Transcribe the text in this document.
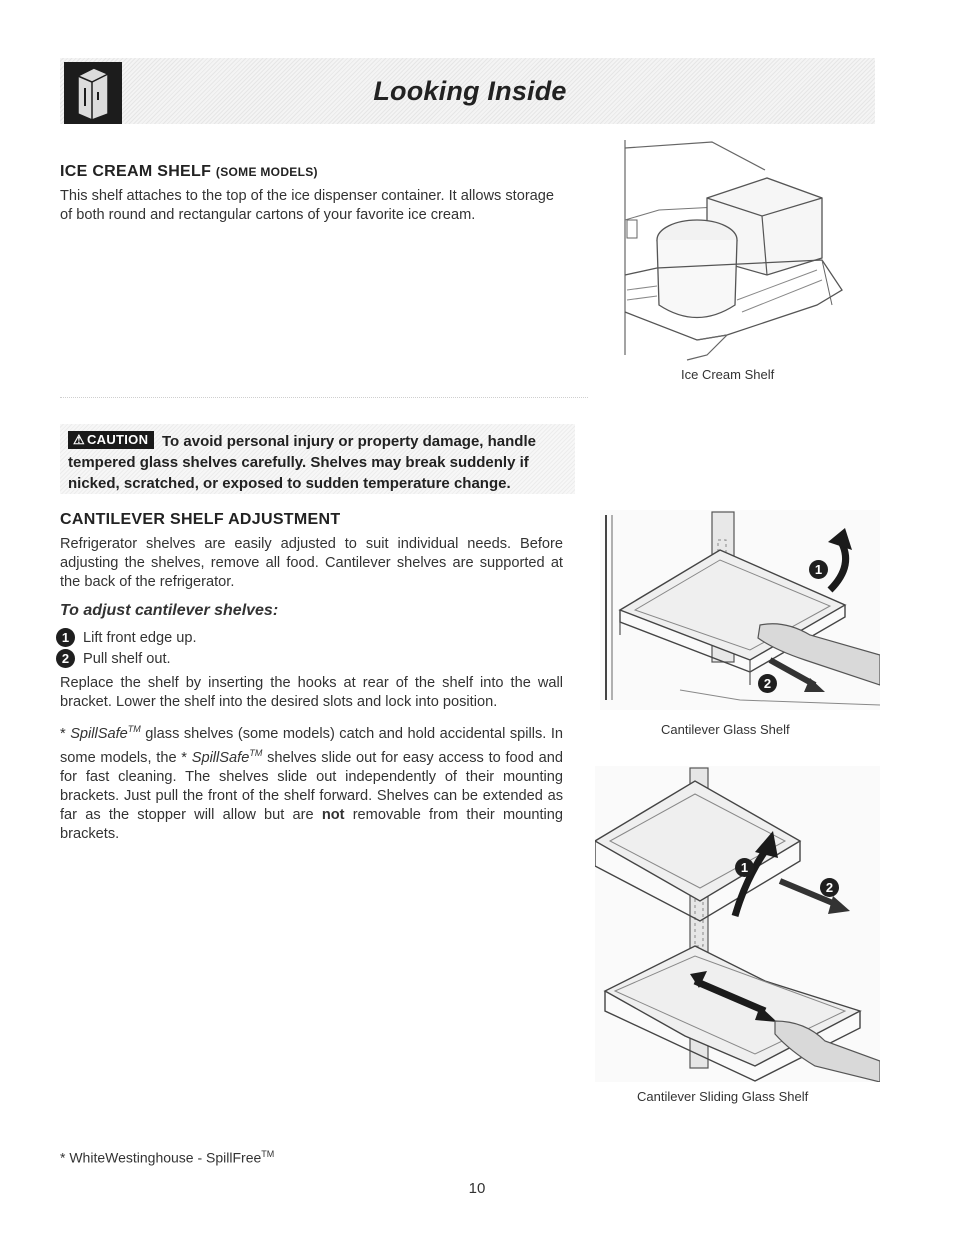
Looking Inside
ICE CREAM SHELF (SOME MODELS)
This shelf attaches to the top of the ice dispenser container. It allows storage of both round and rectangular cartons of your favorite ice cream.
Ice Cream Shelf
To avoid personal injury or property damage, handle tempered glass shelves carefully. Shelves may break suddenly if nicked, scratched, or exposed to sudden temperature change.
⚠ CAUTION
CANTILEVER SHELF ADJUSTMENT
Refrigerator shelves are easily adjusted to suit individual needs. Before adjusting the shelves, remove all food. Cantilever shelves are supported at the back of the refrigerator.
To adjust cantilever shelves:
1 Lift front edge up.
2 Pull shelf out.
Replace the shelf by inserting the hooks at rear of the shelf into the wall bracket. Lower the shelf into the desired slots and lock into position.
* SpillSafe™ glass shelves (some models) catch and hold accidental spills. In some models, the * SpillSafe™ shelves slide out for easy access to food and for fast cleaning. The shelves slide out independently of their mounting brackets. Just pull the front of the shelf forward. Shelves can be extended as far as the stopper will allow but are not removable from their mounting brackets.
1
2
Cantilever Glass Shelf
1
2
Cantilever Sliding Glass Shelf
* WhiteWestinghouse - SpillFree™
10
